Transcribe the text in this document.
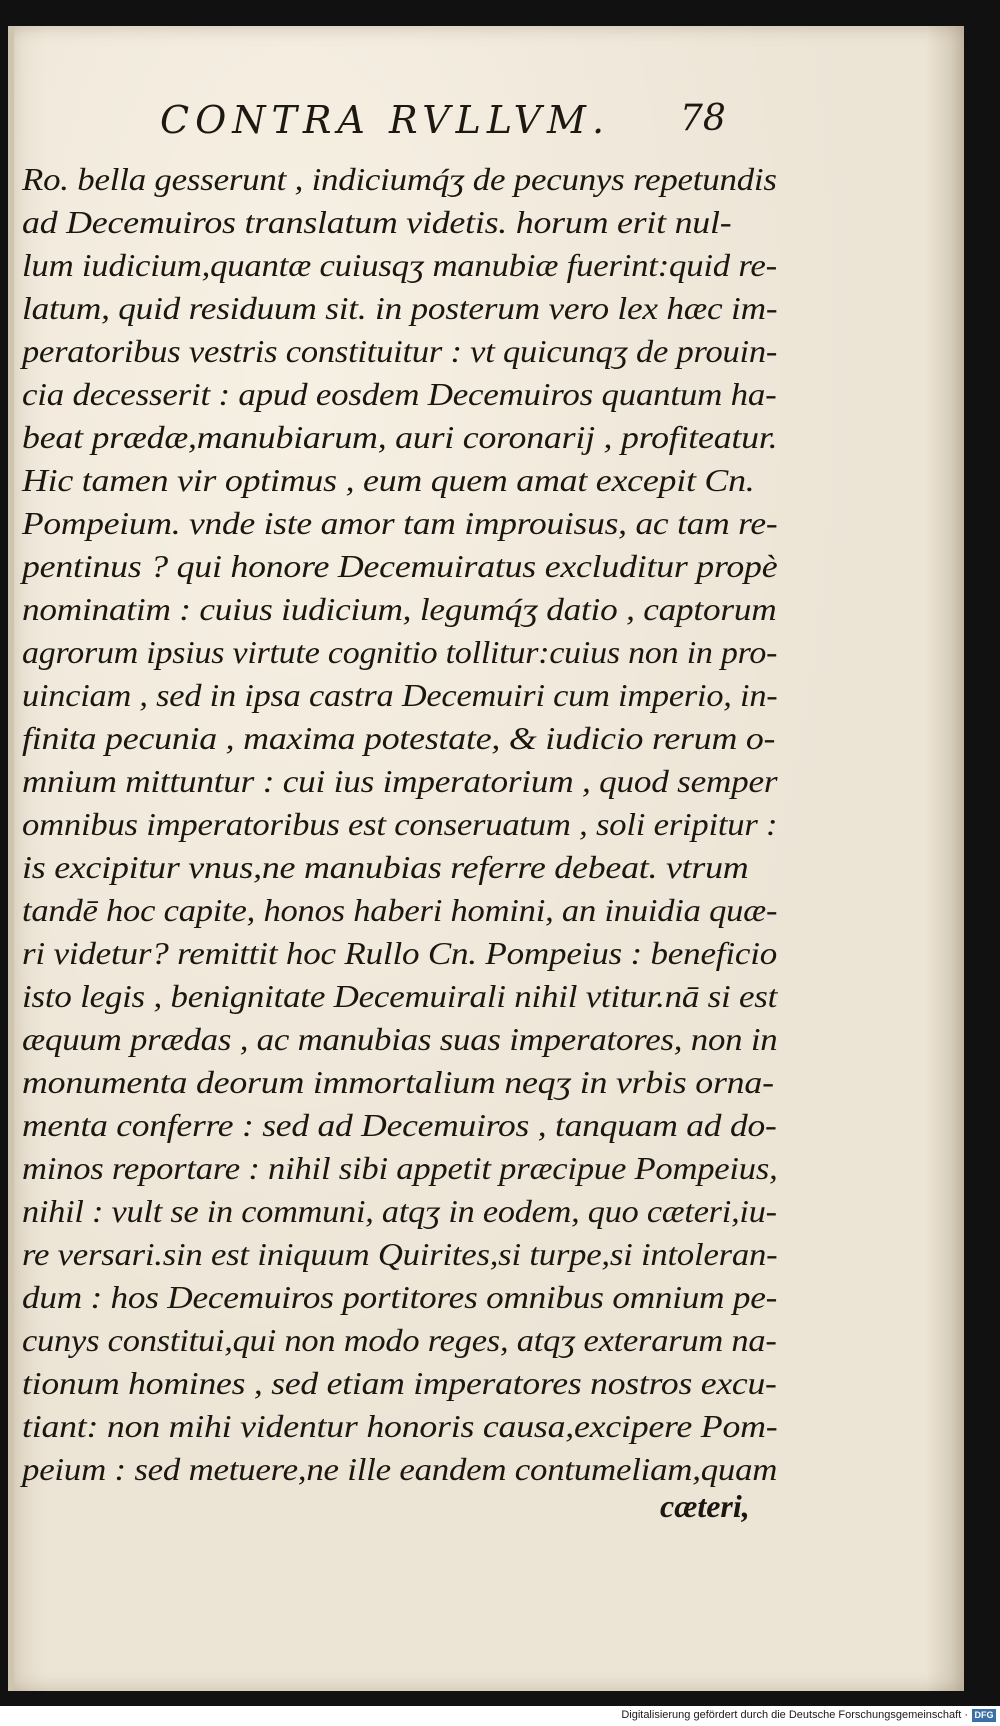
CONTRA RVLLVM. 78
Ro. bella gesserunt , indiciumq́ʒ de pecunys repetundis
ad Decemuiros translatum videtis. horum erit nul-
lum iudicium,quantæ cuiusqʒ manubiæ fuerint:quid re-
latum, quid residuum sit. in posterum vero lex hæc im-
peratoribus vestris constituitur : vt quicunqʒ de prouin-
cia decesserit : apud eosdem Decemuiros quantum ha-
beat prædæ,manubiarum, auri coronarij , profiteatur.
Hic tamen vir optimus , eum quem amat excepit Cn.
Pompeium. vnde iste amor tam improuisus, ac tam re-
pentinus ? qui honore Decemuiratus excluditur propè
nominatim : cuius iudicium, legumq́ʒ datio , captorum
agrorum ipsius virtute cognitio tollitur:cuius non in pro-
uinciam , sed in ipsa castra Decemuiri cum imperio, in-
finita pecunia , maxima potestate, & iudicio rerum o-
mnium mittuntur : cui ius imperatorium , quod semper
omnibus imperatoribus est conseruatum , soli eripitur :
is excipitur vnus,ne manubias referre debeat. vtrum
tandē hoc capite, honos haberi homini, an inuidia quæ-
ri videtur? remittit hoc Rullo Cn. Pompeius : beneficio
isto legis , benignitate Decemuirali nihil vtitur.nā si est
æquum prædas , ac manubias suas imperatores, non in
monumenta deorum immortalium neqʒ in vrbis orna-
menta conferre : sed ad Decemuiros , tanquam ad do-
minos reportare : nihil sibi appetit præcipue Pompeius,
nihil : vult se in communi, atqʒ in eodem, quo cæteri,iu-
re versari.sin est iniquum Quirites,si turpe,si intoleran-
dum : hos Decemuiros portitores omnibus omnium pe-
cunys constitui,qui non modo reges, atqʒ exterarum na-
tionum homines , sed etiam imperatores nostros excu-
tiant: non mihi videntur honoris causa,excipere Pom-
peium : sed metuere,ne ille eandem contumeliam,quam
cæteri,
Digitalisierung gefördert durch die Deutsche Forschungsgemeinschaft · DFG
